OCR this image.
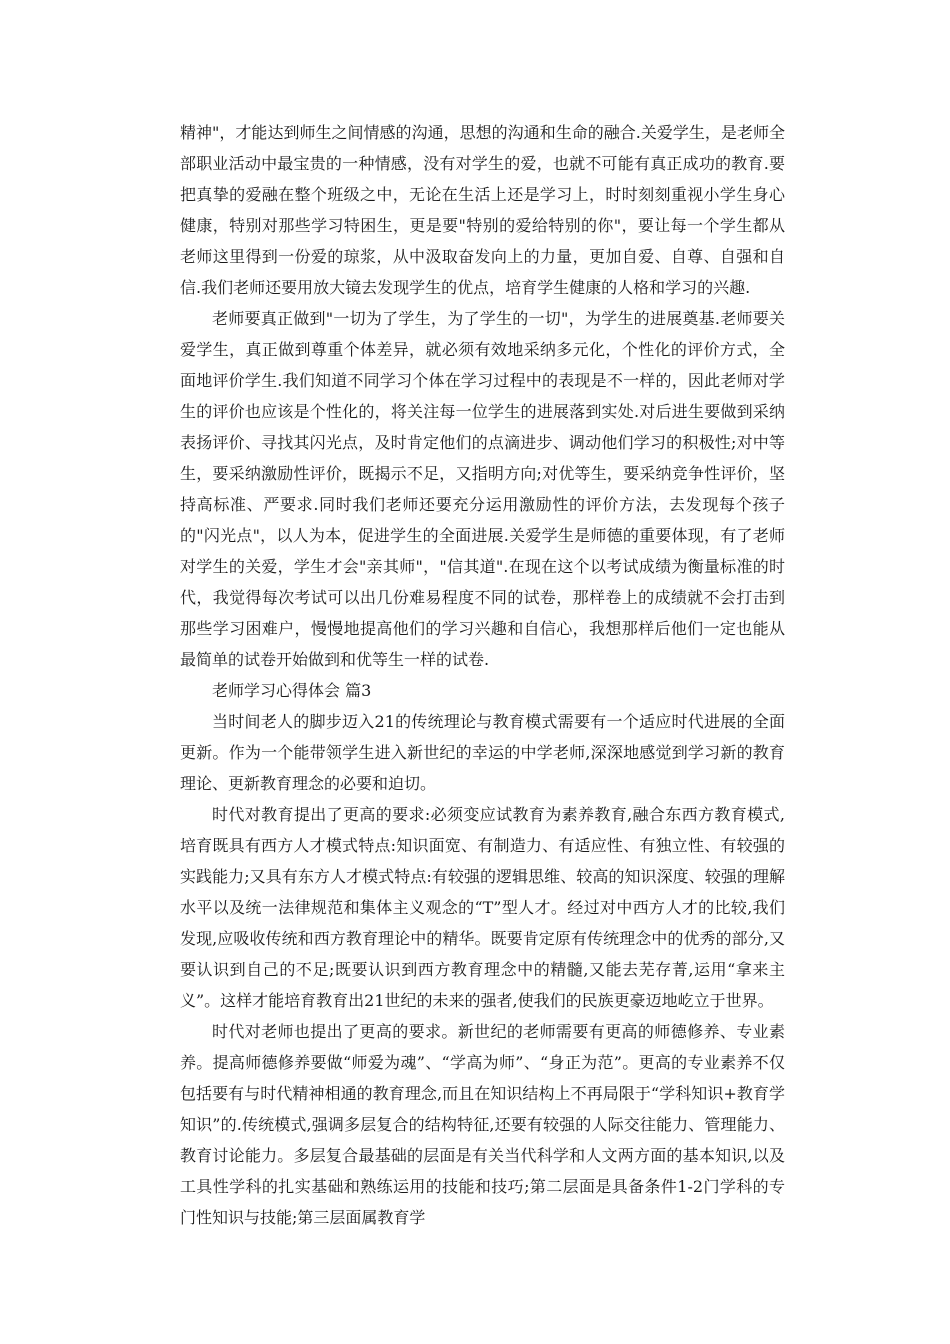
精神"，才能达到师生之间情感的沟通，思想的沟通和生命的融合.关爱学生，是老师全部职业活动中最宝贵的一种情感，没有对学生的爱，也就不可能有真正成功的教育.要把真挚的爱融在整个班级之中，无论在生活上还是学习上，时时刻刻重视小学生身心健康，特别对那些学习特困生，更是要"特别的爱给特别的你"，要让每一个学生都从老师这里得到一份爱的琼浆，从中汲取奋发向上的力量，更加自爱、自尊、自强和自信.我们老师还要用放大镜去发现学生的优点，培育学生健康的人格和学习的兴趣.

老师要真正做到"一切为了学生，为了学生的一切"，为学生的进展奠基.老师要关爱学生，真正做到尊重个体差异，就必须有效地采纳多元化，个性化的评价方式，全面地评价学生.我们知道不同学习个体在学习过程中的表现是不一样的，因此老师对学生的评价也应该是个性化的，将关注每一位学生的进展落到实处.对后进生要做到采纳表扬评价、寻找其闪光点，及时肯定他们的点滴进步、调动他们学习的积极性;对中等生，要采纳激励性评价，既揭示不足，又指明方向;对优等生，要采纳竞争性评价，坚持高标准、严要求.同时我们老师还要充分运用激励性的评价方法，去发现每个孩子的"闪光点"，以人为本，促进学生的全面进展.关爱学生是师德的重要体现，有了老师对学生的关爱，学生才会"亲其师"，"信其道".在现在这个以考试成绩为衡量标准的时代，我觉得每次考试可以出几份难易程度不同的试卷，那样卷上的成绩就不会打击到那些学习困难户，慢慢地提高他们的学习兴趣和自信心，我想那样后他们一定也能从最简单的试卷开始做到和优等生一样的试卷.

老师学习心得体会 篇3

当时间老人的脚步迈入21的传统理论与教育模式需要有一个适应时代进展的全面更新。作为一个能带领学生进入新世纪的幸运的中学老师,深深地感觉到学习新的教育理论、更新教育理念的必要和迫切。

时代对教育提出了更高的要求:必须变应试教育为素养教育,融合东西方教育模式,培育既具有西方人才模式特点:知识面宽、有制造力、有适应性、有独立性、有较强的实践能力;又具有东方人才模式特点:有较强的逻辑思维、较高的知识深度、较强的理解水平以及统一法律规范和集体主义观念的“T”型人才。经过对中西方人才的比较,我们发现,应吸收传统和西方教育理论中的精华。既要肯定原有传统理念中的优秀的部分,又要认识到自己的不足;既要认识到西方教育理念中的精髓,又能去芜存菁,运用“拿来主义”。这样才能培育教育出21世纪的未来的强者,使我们的民族更豪迈地屹立于世界。

时代对老师也提出了更高的要求。新世纪的老师需要有更高的师德修养、专业素养。提高师德修养要做“师爱为魂”、“学高为师”、“身正为范”。更高的专业素养不仅包括要有与时代精神相通的教育理念,而且在知识结构上不再局限于“学科知识+教育学知识”的.传统模式,强调多层复合的结构特征,还要有较强的人际交往能力、管理能力、教育讨论能力。多层复合最基础的层面是有关当代科学和人文两方面的基本知识,以及工具性学科的扎实基础和熟练运用的技能和技巧;第二层面是具备条件1-2门学科的专门性知识与技能;第三层面属教育学
